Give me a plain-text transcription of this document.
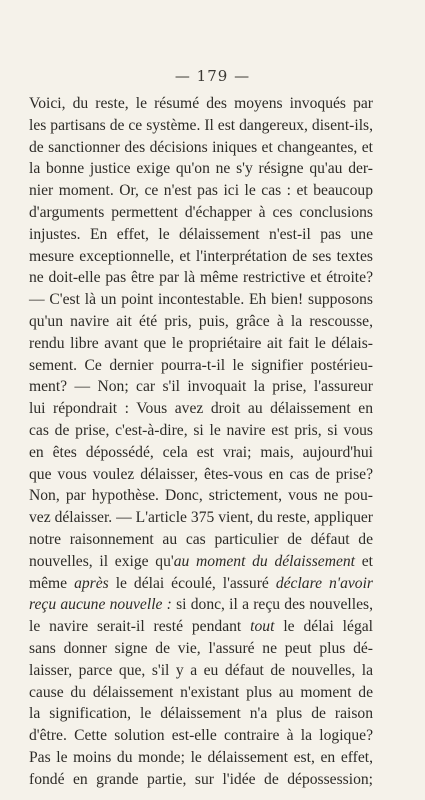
— 179 —
Voici, du reste, le résumé des moyens invoqués par
les partisans de ce système. Il est dangereux, disent-ils,
de sanctionner des décisions iniques et changeantes, et
la bonne justice exige qu'on ne s'y résigne qu'au der-
nier moment. Or, ce n'est pas ici le cas : et beaucoup
d'arguments permettent d'échapper à ces conclusions
injustes. En effet, le délaissement n'est-il pas une
mesure exceptionnelle, et l'interprétation de ses textes
ne doit-elle pas être par là même restrictive et étroite?
— C'est là un point incontestable. Eh bien! supposons
qu'un navire ait été pris, puis, grâce à la rescousse,
rendu libre avant que le propriétaire ait fait le délais-
sement. Ce dernier pourra-t-il le signifier postérieu-
ment? — Non; car s'il invoquait la prise, l'assureur
lui répondrait : Vous avez droit au délaissement en
cas de prise, c'est-à-dire, si le navire est pris, si vous
en êtes dépossédé, cela est vrai; mais, aujourd'hui
que vous voulez délaisser, êtes-vous en cas de prise?
Non, par hypothèse. Donc, strictement, vous ne pou-
vez délaisser. — L'article 375 vient, du reste, appliquer
notre raisonnement au cas particulier de défaut de
nouvelles, il exige qu'au moment du délaissement et
même après le délai écoulé, l'assuré déclare n'avoir
reçu aucune nouvelle : si donc, il a reçu des nouvelles,
le navire serait-il resté pendant tout le délai légal
sans donner signe de vie, l'assuré ne peut plus dé-
laisser, parce que, s'il y a eu défaut de nouvelles, la
cause du délaissement n'existant plus au moment de
la signification, le délaissement n'a plus de raison
d'être. Cette solution est-elle contraire à la logique?
Pas le moins du monde; le délaissement est, en effet,
fondé en grande partie, sur l'idée de dépossession;
